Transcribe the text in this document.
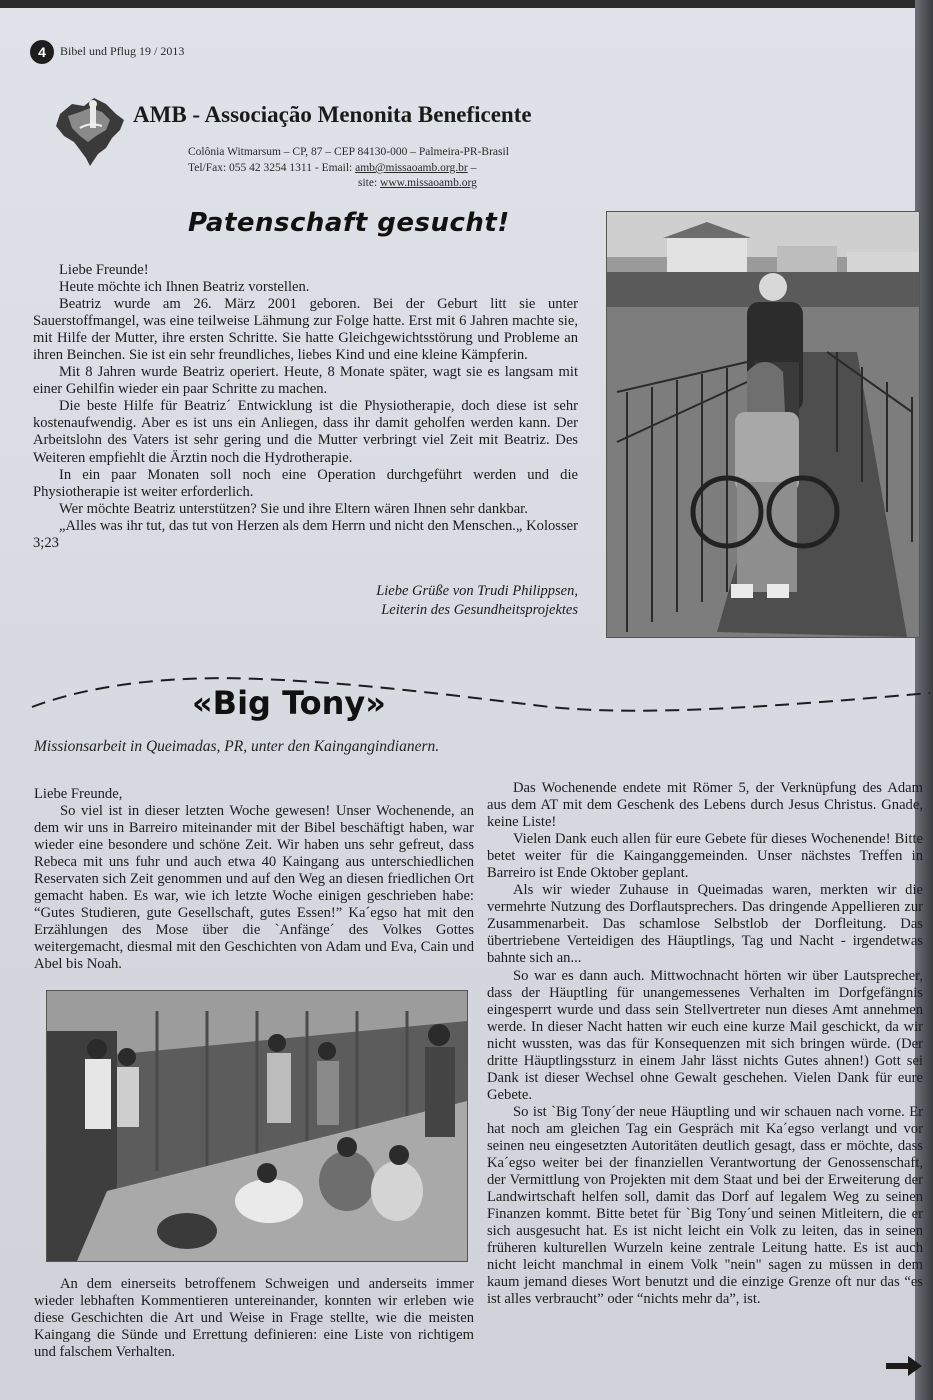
4 Bibel und Pflug 19 / 2013
AMB - Associação Menonita Beneficente
Colônia Witmarsum – CP, 87 – CEP 84130-000 – Palmeira-PR-Brasil
Tel/Fax: 055 42 3254 1311 - Email: amb@missaoamb.org.br –
site: www.missaoamb.org
Patenschaft gesucht!

Liebe Freunde!

Heute möchte ich Ihnen Beatriz vorstellen.

Beatriz wurde am 26. März 2001 geboren. Bei der Geburt litt sie unter Sauerstoffmangel, was eine teilweise Lähmung zur Folge hatte. Erst mit 6 Jahren machte sie, mit Hilfe der Mutter, ihre ersten Schritte. Sie hatte Gleichgewichtsstörung und Probleme an ihren Beinchen. Sie ist ein sehr freundliches, liebes Kind und eine kleine Kämpferin.

Mit 8 Jahren wurde Beatriz operiert. Heute, 8 Monate später, wagt sie es langsam mit einer Gehilfin wieder ein paar Schritte zu machen.

Die beste Hilfe für Beatriz´ Entwicklung ist die Physiotherapie, doch diese ist sehr kostenaufwendig. Aber es ist uns ein Anliegen, dass ihr damit geholfen werden kann. Der Arbeitslohn des Vaters ist sehr gering und die Mutter verbringt viel Zeit mit Beatriz. Des Weiteren empfiehlt die Ärztin noch die Hydrotherapie.

In ein paar Monaten soll noch eine Operation durchgeführt werden und die Physiotherapie ist weiter erforderlich.

Wer möchte Beatriz unterstützen? Sie und ihre Eltern wären Ihnen sehr dankbar.

„Alles was ihr tut, das tut von Herzen als dem Herrn und nicht den Menschen.„ Kolosser 3;23

Liebe Grüße von Trudi Philippsen,
Leiterin des Gesundheitsprojektes
«Big Tony»
Missionsarbeit in Queimadas, PR, unter den Kaingangindianern.

Liebe Freunde,

So viel ist in dieser letzten Woche gewesen! Unser Wochenende, an dem wir uns in Barreiro miteinander mit der Bibel beschäftigt haben, war wieder eine besondere und schöne Zeit. Wir haben uns sehr gefreut, dass Rebeca mit uns fuhr und auch etwa 40 Kaingang aus unterschiedlichen Reservaten sich Zeit genommen und auf den Weg an diesen friedlichen Ort gemacht haben. Es war, wie ich letzte Woche einigen geschrieben habe: “Gutes Studieren, gute Gesellschaft, gutes Essen!” Ka´egso hat mit den Erzählungen des Mose über die `Anfänge´ des Volkes Gottes weitergemacht, diesmal mit den Geschichten von Adam und Eva, Cain und Abel bis Noah.

An dem einerseits betroffenem Schweigen und anderseits immer wieder lebhaften Kommentieren untereinander, konnten wir erleben wie diese Geschichten die Art und Weise in Frage stellte, wie die meisten Kaingang die Sünde und Errettung definieren: eine Liste von richtigem und falschem Verhalten.

Das Wochenende endete mit Römer 5, der Verknüpfung des Adam aus dem AT mit dem Geschenk des Lebens durch Jesus Christus. Gnade, keine Liste!

Vielen Dank euch allen für eure Gebete für dieses Wochenende! Bitte betet weiter für die Kainganggemeinden. Unser nächstes Treffen in Barreiro ist Ende Oktober geplant.

Als wir wieder Zuhause in Queimadas waren, merkten wir die vermehrte Nutzung des Dorflautsprechers. Das dringende Appellieren zur Zusammenarbeit. Das schamlose Selbstlob der Dorfleitung. Das übertriebene Verteidigen des Häuptlings, Tag und Nacht - irgendetwas bahnte sich an...

So war es dann auch. Mittwochnacht hörten wir über Lautsprecher, dass der Häuptling für unangemessenes Verhalten im Dorfgefängnis eingesperrt wurde und dass sein Stellvertreter nun dieses Amt annehmen werde. In dieser Nacht hatten wir euch eine kurze Mail geschickt, da wir nicht wussten, was das für Konsequenzen mit sich bringen würde. (Der dritte Häuptlingssturz in einem Jahr lässt nichts Gutes ahnen!) Gott sei Dank ist dieser Wechsel ohne Gewalt geschehen. Vielen Dank für eure Gebete.

So ist `Big Tony´der neue Häuptling und wir schauen nach vorne. Er hat noch am gleichen Tag ein Gespräch mit Ka´egso verlangt und vor seinen neu eingesetzten Autoritäten deutlich gesagt, dass er möchte, dass Ka´egso weiter bei der finanziellen Verantwortung der Genossenschaft, der Vermittlung von Projekten mit dem Staat und bei der Erweiterung der Landwirtschaft helfen soll, damit das Dorf auf legalem Weg zu seinen Finanzen kommt. Bitte betet für `Big Tony´und seinen Mitleitern, die er sich ausgesucht hat. Es ist nicht leicht ein Volk zu leiten, das in seinen früheren kulturellen Wurzeln keine zentrale Leitung hatte. Es ist auch nicht leicht manchmal in einem Volk "nein" sagen zu müssen in dem kaum jemand dieses Wort benutzt und die einzige Grenze oft nur das “es ist alles verbraucht” oder “nichts mehr da”, ist.
